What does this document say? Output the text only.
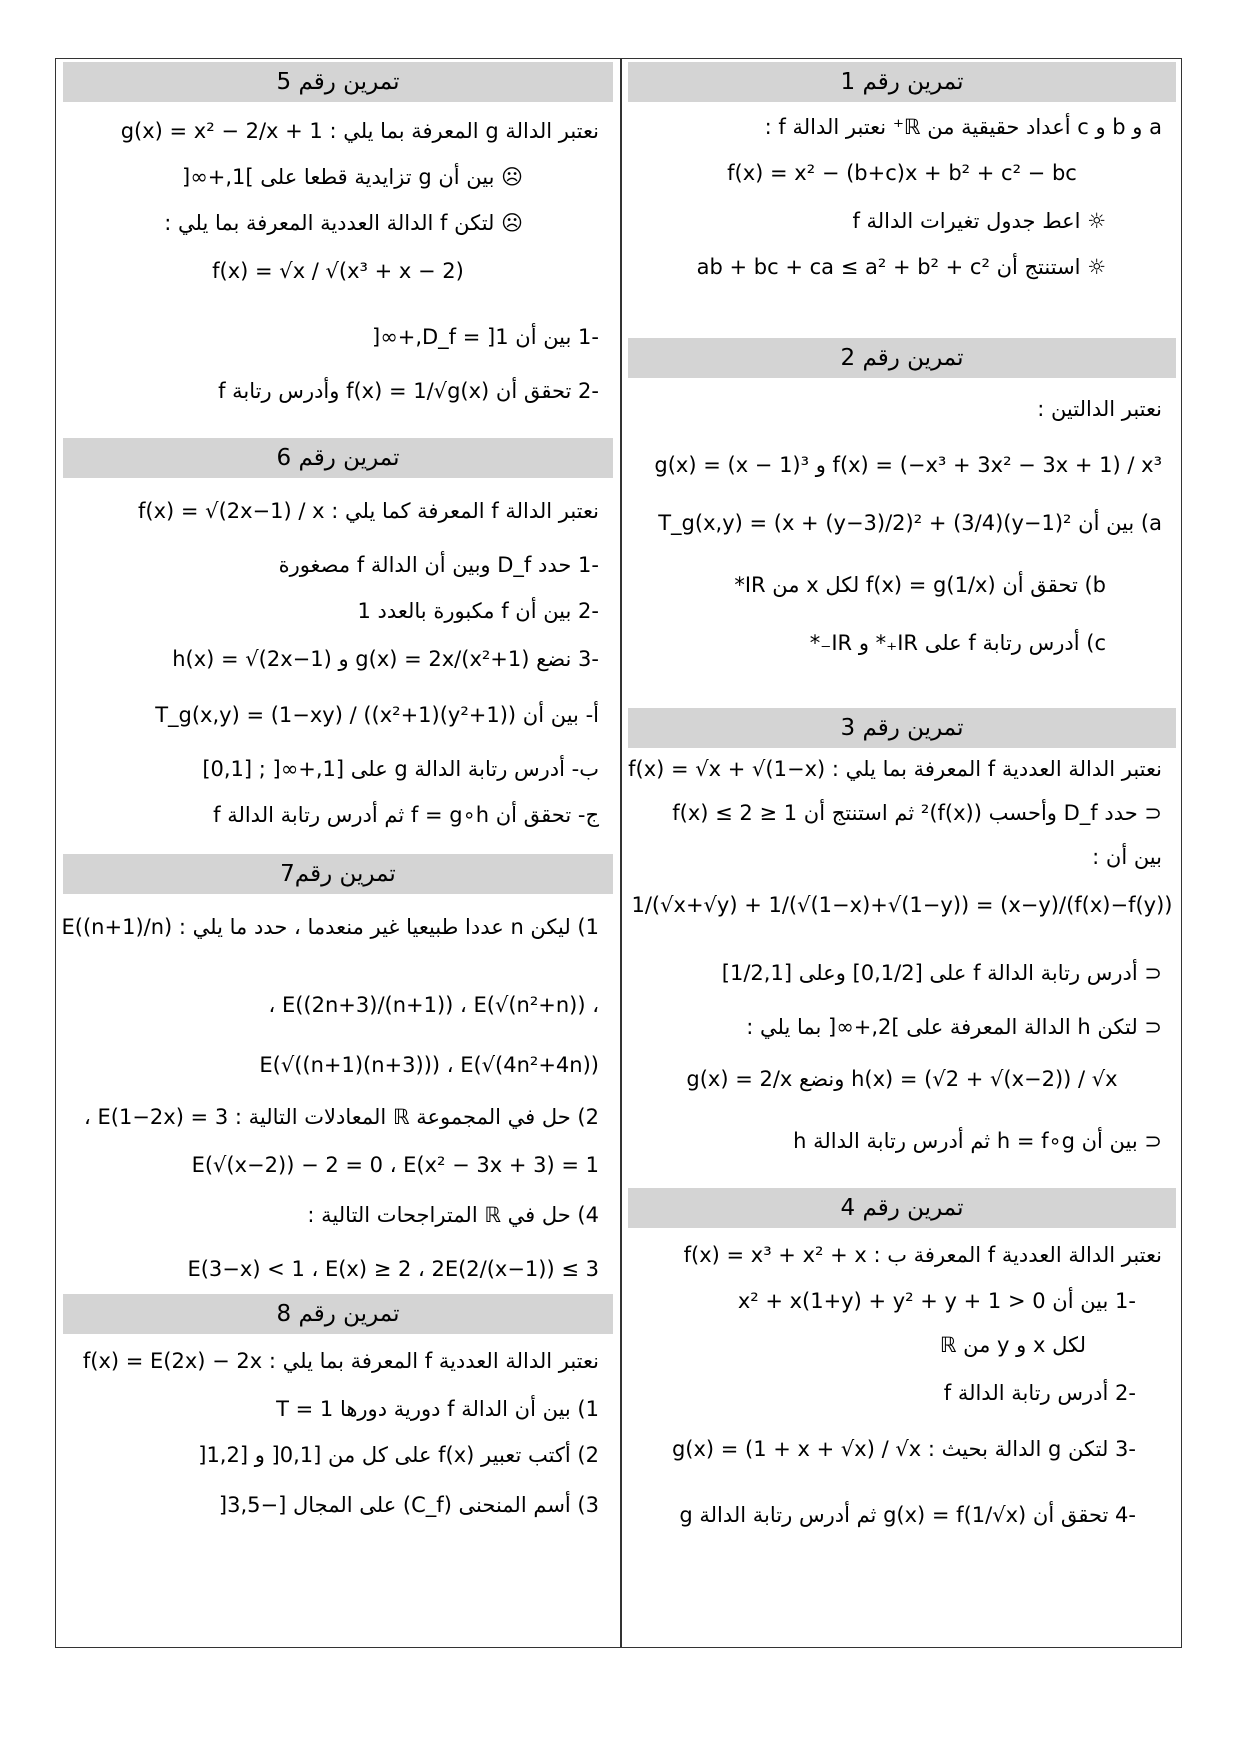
تمرين رقم 5
نعتبر الدالة g المعرفة بما يلي : g(x) = x² − 2/x + 1
☹ بين أن g تزايدية قطعا على ]1,+∞[
☹ لتكن f الدالة العددية المعرفة بما يلي :
f(x) = √x / √(x³ + x − 2)
-1 بين أن D_f = ]1,+∞[
-2 تحقق أن f(x) = 1/√g(x) وأدرس رتابة f
تمرين رقم 6
نعتبر الدالة f المعرفة كما يلي : f(x) = √(2x−1) / x
-1 حدد D_f وبين أن الدالة f مصغورة
-2 بين أن f مكبورة بالعدد 1
-3 نضع g(x) = 2x/(x²+1) و h(x) = √(2x−1)
أ- بين أن T_g(x,y) = (1−xy) / ((x²+1)(y²+1))
ب- أدرس رتابة الدالة g على [1,+∞[ ; [0,1]
ج- تحقق أن f = g∘h ثم أدرس رتابة الدالة f
تمرين رقم7
1) ليكن n عددا طبيعيا غير منعدما ، حدد ما يلي : E((n+1)/n)
، E((2n+3)/(n+1)) ، E(√(n²+n)) ،
E(√((n+1)(n+3))) ، E(√(4n²+4n))
2) حل في المجموعة ℝ المعادلات التالية : E(1−2x) = 3 ،
E(√(x−2)) − 2 = 0 ، E(x² − 3x + 3) = 1
4) حل في ℝ المتراجحات التالية :
E(3−x) < 1 ، E(x) ≥ 2 ، 2E(2/(x−1)) ≤ 3
تمرين رقم 8
نعتبر الدالة العددية f المعرفة بما يلي : f(x) = E(2x) − 2x
1) بين أن الدالة f دورية دورها T = 1
2) أكتب تعبير f(x) على كل من [0,1[ و [1,2[
3) أسم المنحنى (C_f) على المجال [−3,5[
تمرين رقم 1
a و b و c أعداد حقيقية من ℝ⁺ نعتبر الدالة f :
f(x) = x² − (b+c)x + b² + c² − bc
☼ اعط جدول تغيرات الدالة f
☼ استنتج أن ab + bc + ca ≤ a² + b² + c²
تمرين رقم 2
نعتبر الدالتين :
f(x) = (−x³ + 3x² − 3x + 1) / x³ و g(x) = (x − 1)³
a) بين أن T_g(x,y) = (x + (y−3)/2)² + (3/4)(y−1)²
b) تحقق أن f(x) = g(1/x) لكل x من IR*
c) أدرس رتابة f على IR₊* و IR₋*
تمرين رقم 3
نعتبر الدالة العددية f المعرفة بما يلي : f(x) = √x + √(1−x)
⊂ حدد D_f وأحسب (f(x))² ثم استنتج أن 1 ≤ f(x) ≤ 2
بين أن :
(f(x)−f(y))/(x−y) = 1/(√x+√y) + 1/(√(1−x)+√(1−y))
⊂ أدرس رتابة الدالة f على [0,1/2] وعلى [1/2,1]
⊂ لتكن h الدالة المعرفة على ]2,+∞[ بما يلي :
h(x) = (√2 + √(x−2)) / √x ونضع g(x) = 2/x
⊂ بين أن h = f∘g ثم أدرس رتابة الدالة h
تمرين رقم 4
نعتبر الدالة العددية f المعرفة ب : f(x) = x³ + x² + x
-1 بين أن x² + x(1+y) + y² + y + 1 > 0
لكل x و y من ℝ
-2 أدرس رتابة الدالة f
-3 لتكن g الدالة بحيث : g(x) = (1 + x + √x) / √x
-4 تحقق أن g(x) = f(1/√x) ثم أدرس رتابة الدالة g
